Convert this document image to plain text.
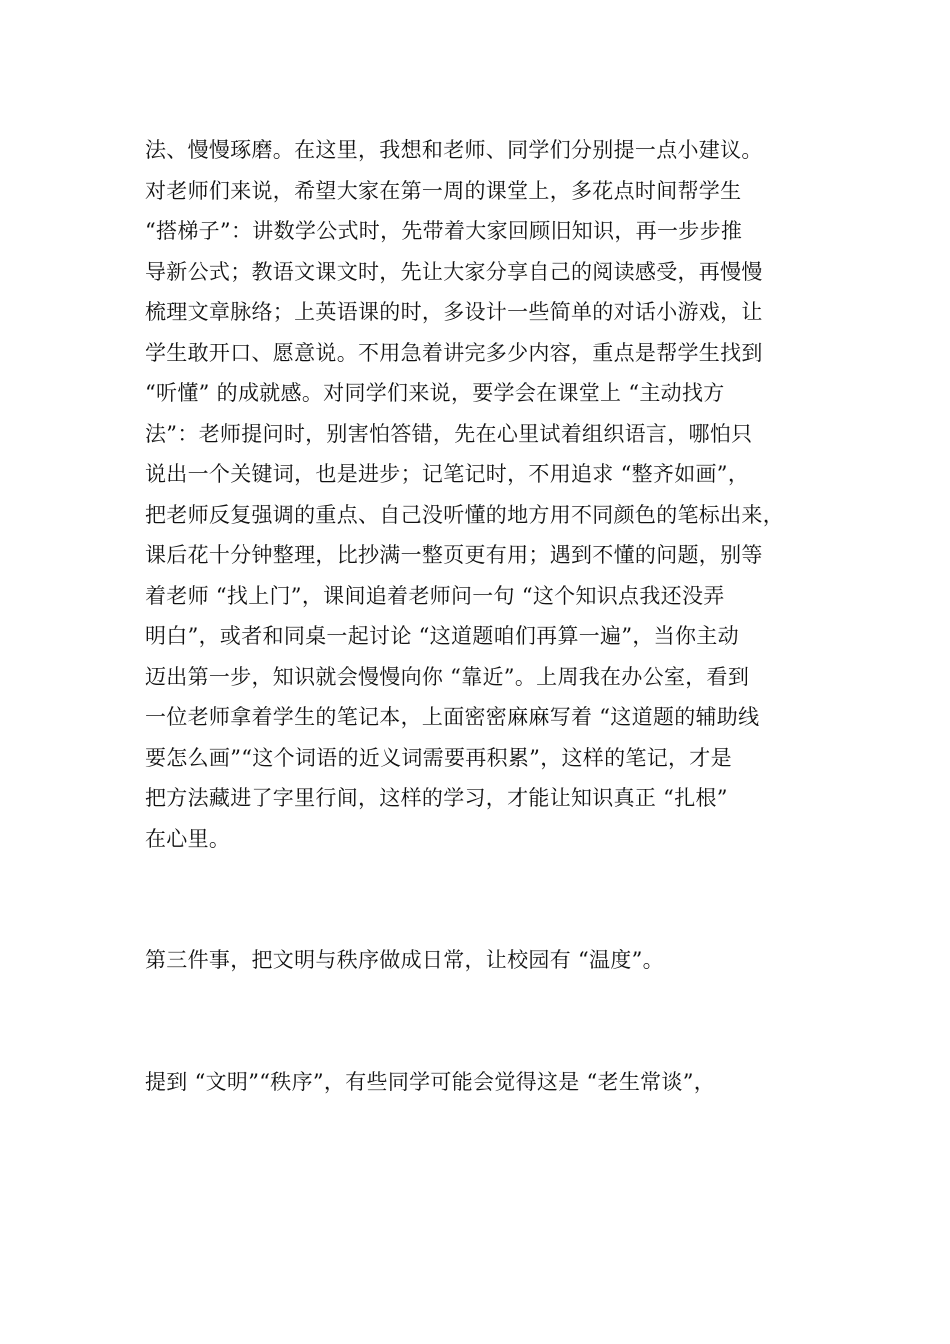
法、慢慢琢磨。在这里，我想和老师、同学们分别提一点小建议。
对老师们来说，希望大家在第一周的课堂上，多花点时间帮学生
“搭梯子”：讲数学公式时，先带着大家回顾旧知识，再一步步推
导新公式；教语文课文时，先让大家分享自己的阅读感受，再慢慢
梳理文章脉络；上英语课的时，多设计一些简单的对话小游戏，让
学生敢开口、愿意说。不用急着讲完多少内容，重点是帮学生找到
“听懂” 的成就感。对同学们来说，要学会在课堂上 “主动找方
法”：老师提问时，别害怕答错，先在心里试着组织语言，哪怕只
说出一个关键词，也是进步；记笔记时，不用追求 “整齐如画”，
把老师反复强调的重点、自己没听懂的地方用不同颜色的笔标出来，
课后花十分钟整理，比抄满一整页更有用；遇到不懂的问题，别等
着老师 “找上门”，课间追着老师问一句 “这个知识点我还没弄
明白”，或者和同桌一起讨论 “这道题咱们再算一遍”，当你主动
迈出第一步，知识就会慢慢向你 “靠近”。上周我在办公室，看到
一位老师拿着学生的笔记本，上面密密麻麻写着 “这道题的辅助线
要怎么画”“这个词语的近义词需要再积累”，这样的笔记，才是
把方法藏进了字里行间，这样的学习，才能让知识真正 “扎根”
在心里。
第三件事，把文明与秩序做成日常，让校园有 “温度”。
提到 “文明”“秩序”，有些同学可能会觉得这是 “老生常谈”，
